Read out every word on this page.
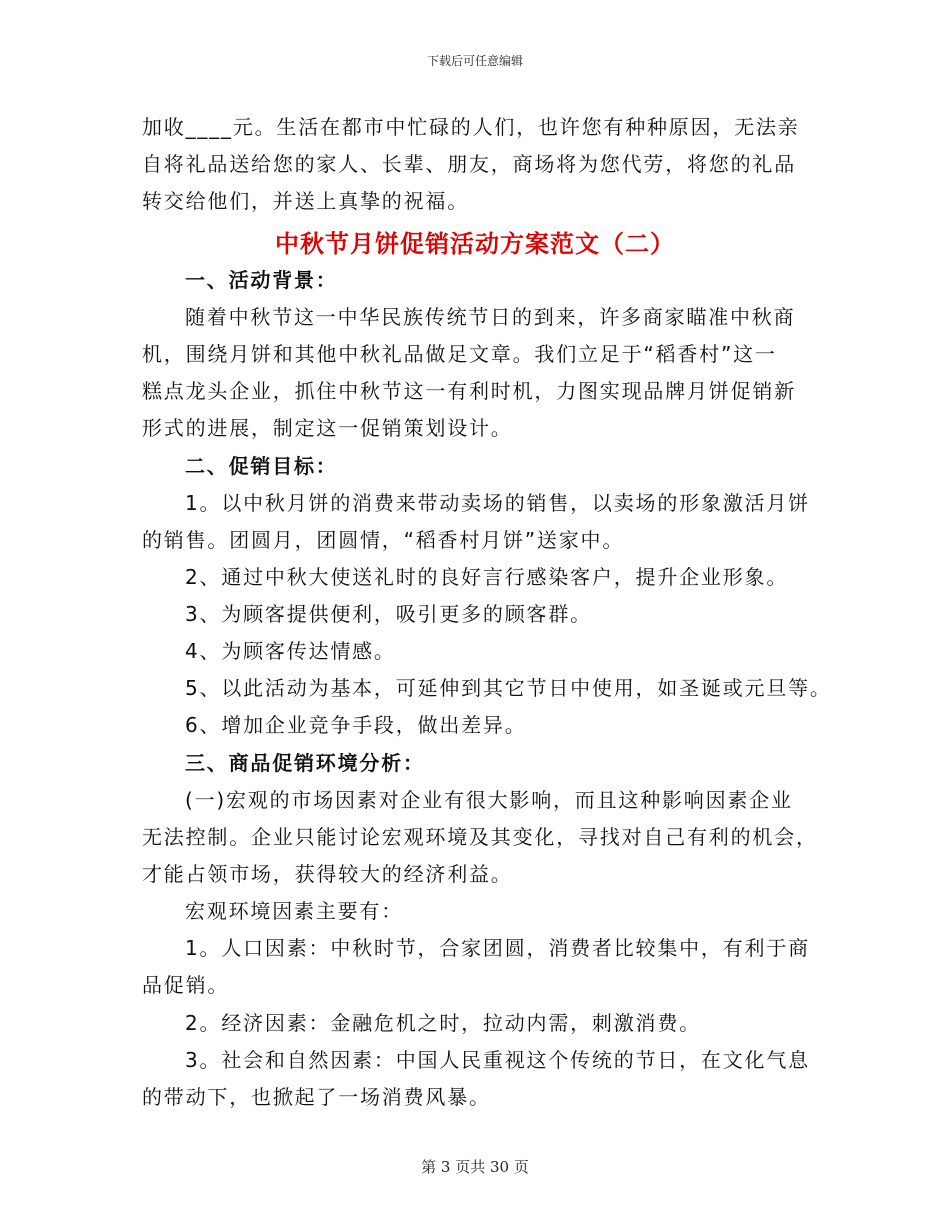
下载后可任意编辑
加收____元。生活在都市中忙碌的人们，也许您有种种原因，无法亲
自将礼品送给您的家人、长辈、朋友，商场将为您代劳，将您的礼品
转交给他们，并送上真挚的祝福。
中秋节月饼促销活动方案范文（二）
一、活动背景：
随着中秋节这一中华民族传统节日的到来，许多商家瞄准中秋商
机，围绕月饼和其他中秋礼品做足文章。我们立足于“稻香村”这一
糕点龙头企业，抓住中秋节这一有利时机，力图实现品牌月饼促销新
形式的进展，制定这一促销策划设计。
二、促销目标：
1。以中秋月饼的消费来带动卖场的销售，以卖场的形象激活月饼
的销售。团圆月，团圆情，“稻香村月饼”送家中。
2、通过中秋大使送礼时的良好言行感染客户，提升企业形象。
3、为顾客提供便利，吸引更多的顾客群。
4、为顾客传达情感。
5、以此活动为基本，可延伸到其它节日中使用，如圣诞或元旦等。
6、增加企业竞争手段，做出差异。
三、商品促销环境分析：
(一)宏观的市场因素对企业有很大影响，而且这种影响因素企业
无法控制。企业只能讨论宏观环境及其变化，寻找对自己有利的机会，
才能占领市场，获得较大的经济利益。
宏观环境因素主要有：
1。人口因素：中秋时节，合家团圆，消费者比较集中，有利于商
品促销。
2。经济因素：金融危机之时，拉动内需，刺激消费。
3。社会和自然因素：中国人民重视这个传统的节日，在文化气息
的带动下，也掀起了一场消费风暴。
第 3 页共 30 页
